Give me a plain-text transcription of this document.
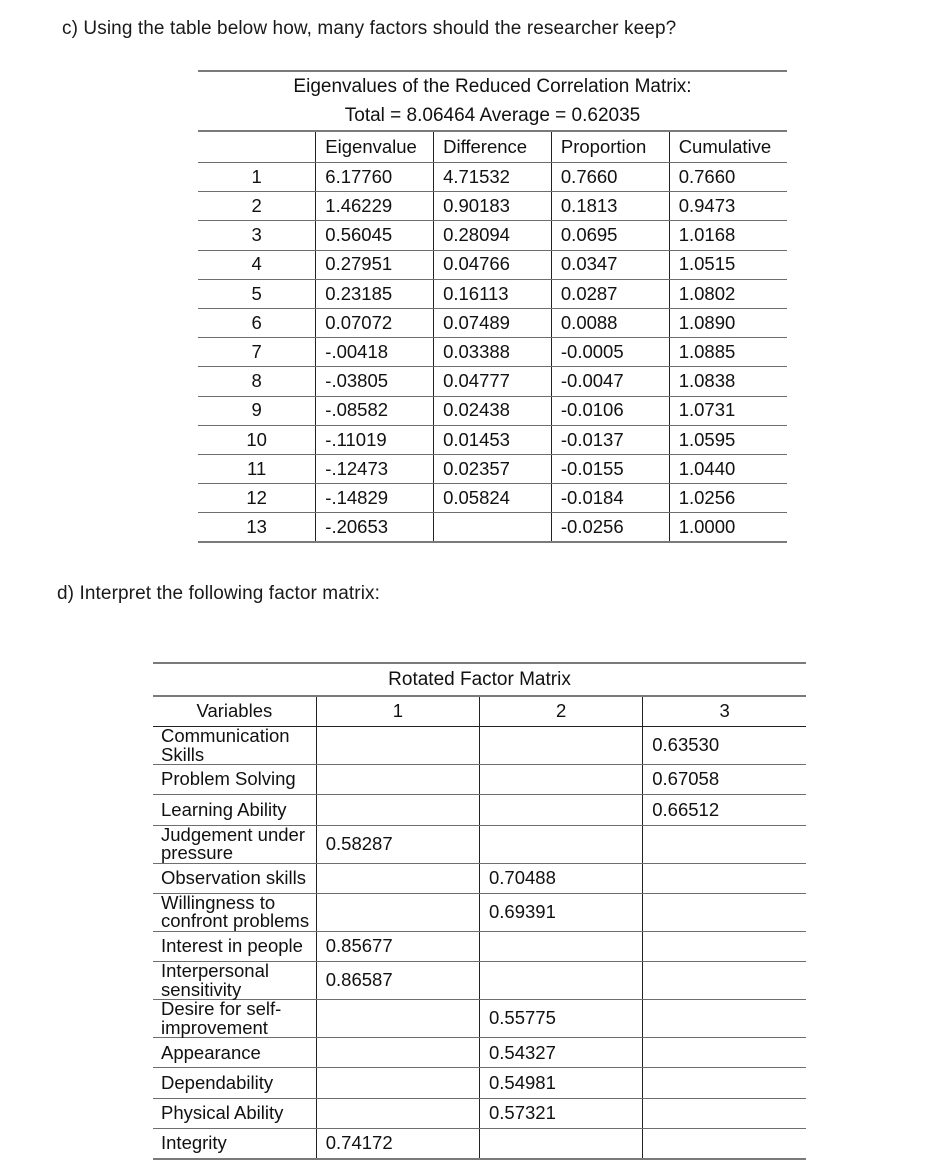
c) Using the table below how, many factors should the researcher keep?
Eigenvalues of the Reduced Correlation Matrix:				
Total = 8.06464 Average = 0.62035				
	Eigenvalue	Difference	Proportion	Cumulative
1	6.17760	4.71532	0.7660	0.7660
2	1.46229	0.90183	0.1813	0.9473
3	0.56045	0.28094	0.0695	1.0168
4	0.27951	0.04766	0.0347	1.0515
5	0.23185	0.16113	0.0287	1.0802
6	0.07072	0.07489	0.0088	1.0890
7	-.00418	0.03388	-0.0005	1.0885
8	-.03805	0.04777	-0.0047	1.0838
9	-.08582	0.02438	-0.0106	1.0731
10	-.11019	0.01453	-0.0137	1.0595
11	-.12473	0.02357	-0.0155	1.0440
12	-.14829	0.05824	-0.0184	1.0256
13	-.20653		-0.0256	1.0000
d) Interpret the following factor matrix:
Rotated Factor Matrix			
Variables	1	2	3
Communication Skills			0.63530
Problem Solving			0.67058
Learning Ability			0.66512
Judgement under pressure	0.58287		
Observation skills		0.70488	
Willingness to confront problems		0.69391	
Interest in people	0.85677		
Interpersonal sensitivity	0.86587		
Desire for self-improvement		0.55775	
Appearance		0.54327	
Dependability		0.54981	
Physical Ability		0.57321	
Integrity	0.74172		
